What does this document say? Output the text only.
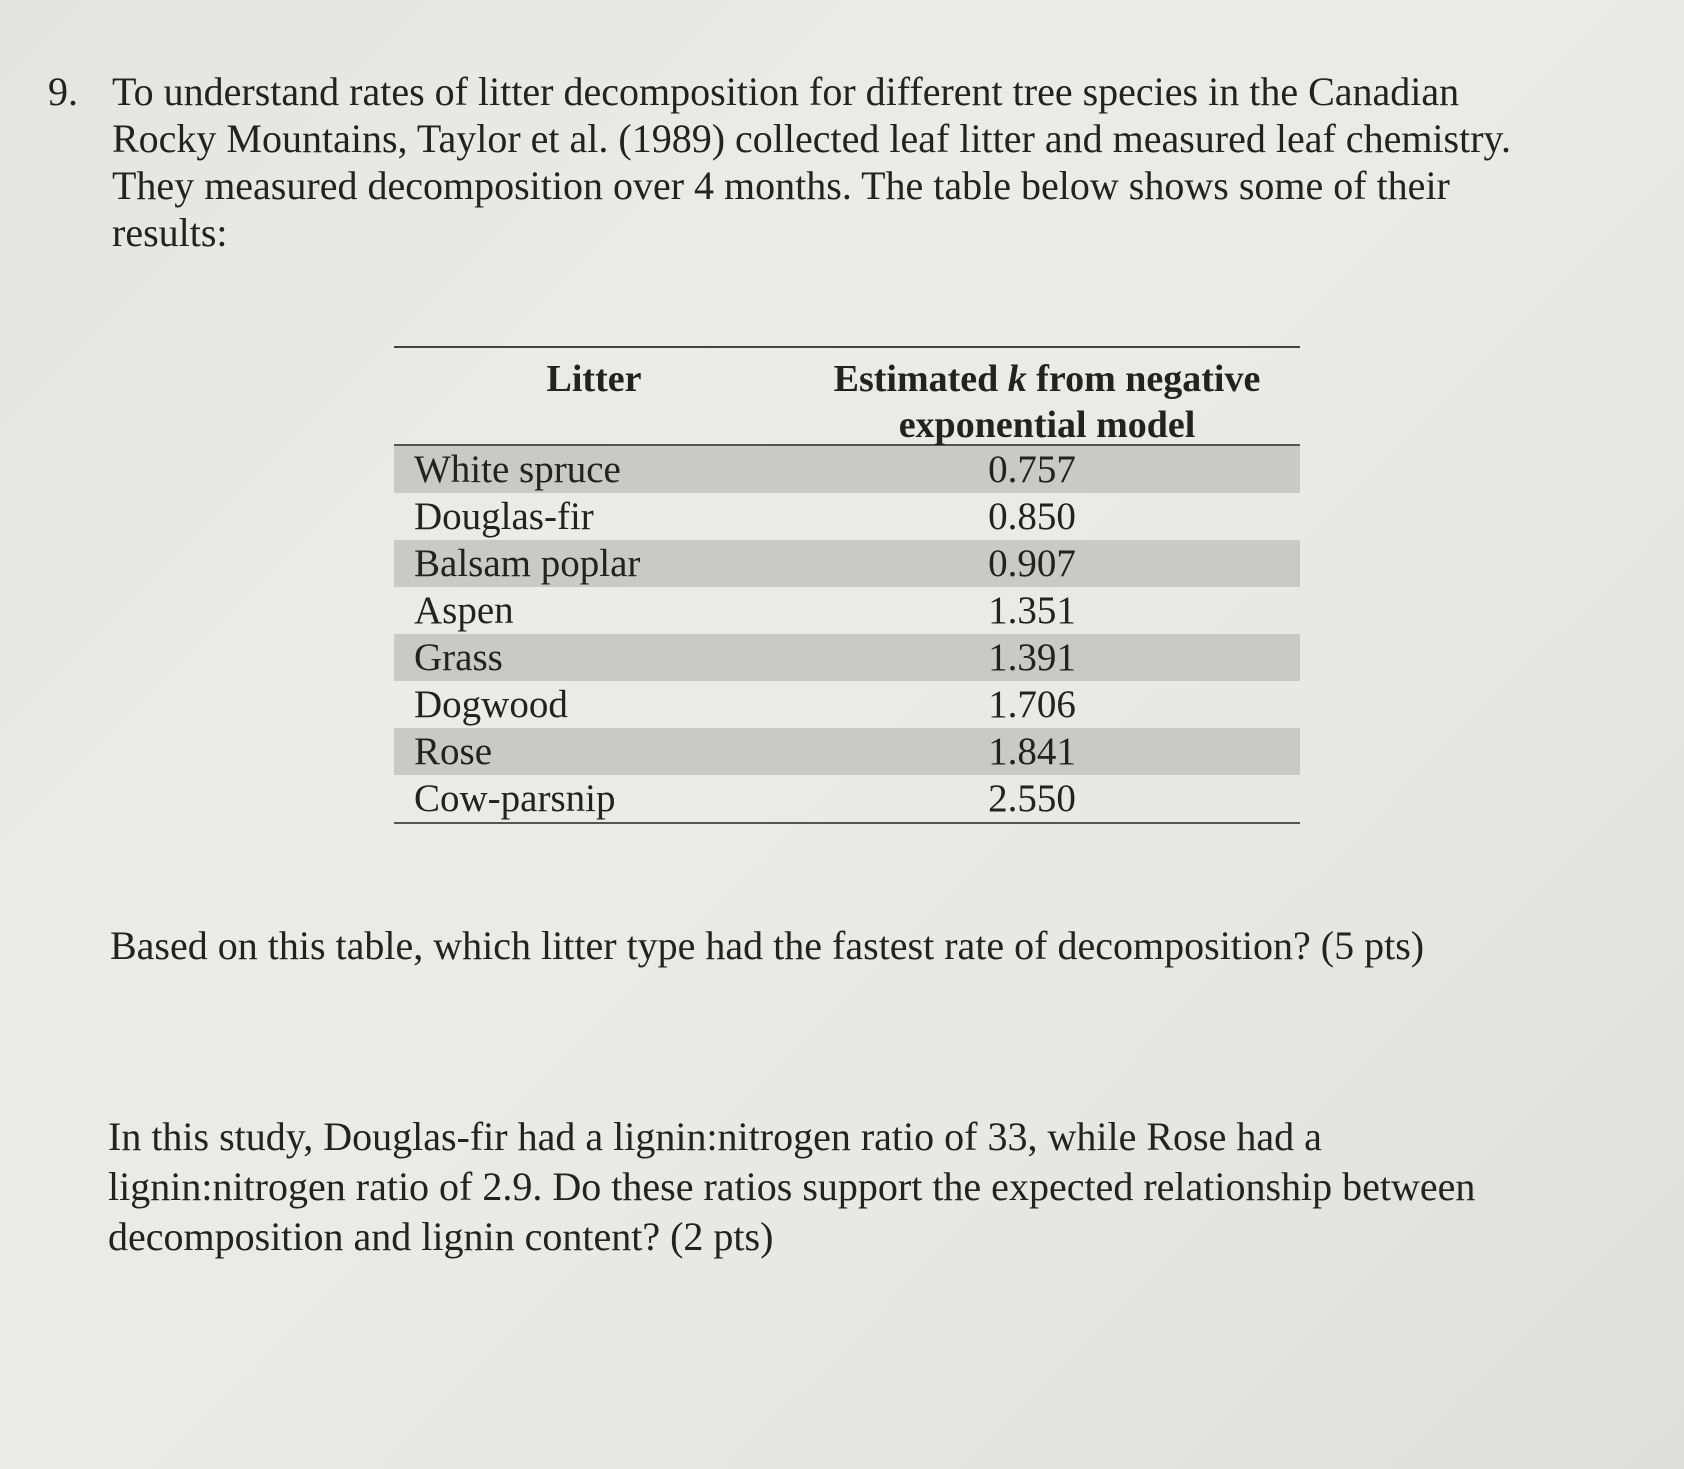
9. To understand rates of litter decomposition for different tree species in the Canadian
Rocky Mountains, Taylor et al. (1989) collected leaf litter and measured leaf chemistry.
They measured decomposition over 4 months. The table below shows some of their
results:
Litter	Estimated k from negative
exponential model
White spruce	0.757
Douglas-fir	0.850
Balsam poplar	0.907
Aspen	1.351
Grass	1.391
Dogwood	1.706
Rose	1.841
Cow-parsnip	2.550
Based on this table, which litter type had the fastest rate of decomposition? (5 pts)
In this study, Douglas-fir had a lignin:nitrogen ratio of 33, while Rose had a
lignin:nitrogen ratio of 2.9. Do these ratios support the expected relationship between
decomposition and lignin content? (2 pts)
